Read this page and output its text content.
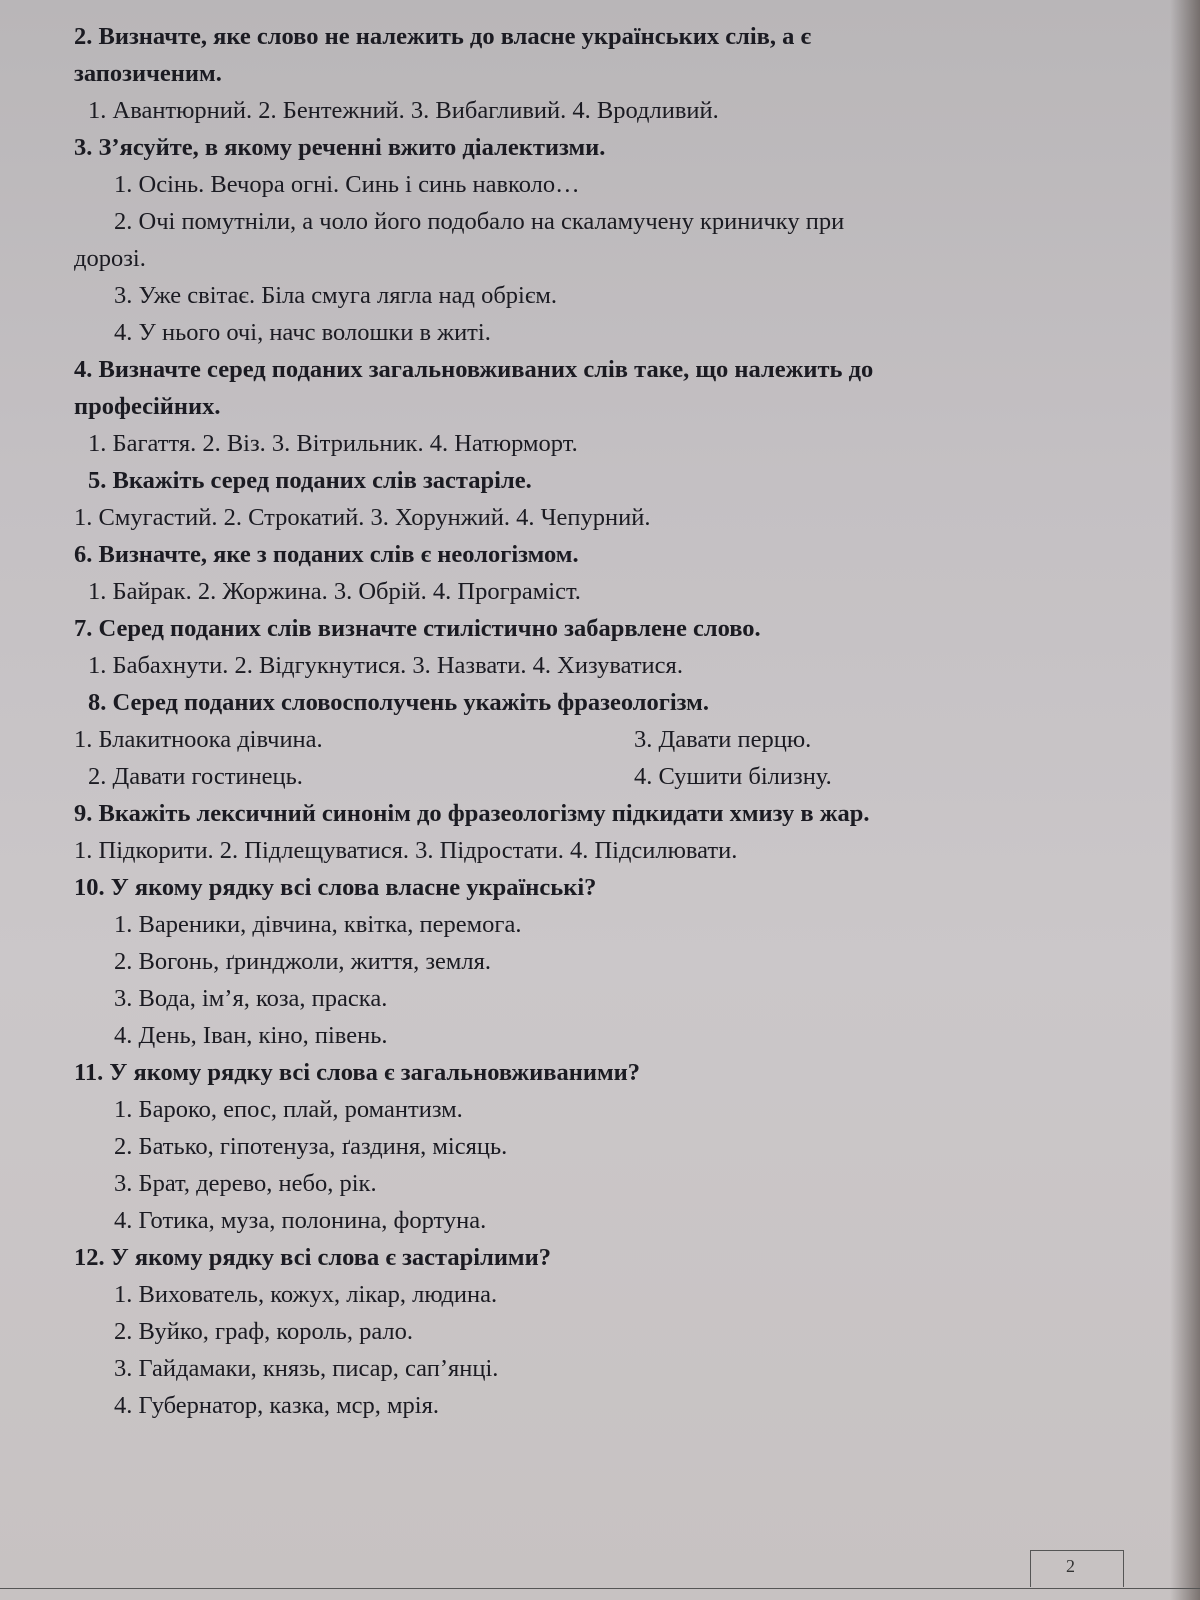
2. Визначте, яке слово не належить до власне українських слів, а є
запозиченим.
1. Авантюрний. 2. Бентежний. 3. Вибагливий. 4. Вродливий.
3. З’ясуйте, в якому реченні вжито діалектизми.
1. Осінь. Вечора огні. Синь і синь навколо…
2. Очі помутніли, а чоло його подобало на скаламучену криничку при
дорозі.
3. Уже світає. Біла смуга лягла над обрієм.
4. У нього очі, начс волошки в житі.
4. Визначте серед поданих загальновживаних слів таке, що належить до
професійних.
1. Багаття. 2. Віз. 3. Вітрильник. 4. Натюрморт.
5. Вкажіть серед поданих слів застаріле.
1. Смугастий. 2. Строкатий. 3. Хорунжий. 4. Чепурний.
6. Визначте, яке з поданих слів є неологізмом.
1. Байрак. 2. Жоржина. 3. Обрій. 4. Програміст.
7. Серед поданих слів визначте стилістично забарвлене слово.
1. Бабахнути. 2. Відгукнутися. 3. Назвати. 4. Хизуватися.
8. Серед поданих словосполучень укажіть фразеологізм.
1. Блакитноока дівчина.	3. Давати перцю.
2. Давати гостинець.	4. Сушити білизну.
9. Вкажіть лексичний синонім до фразеологізму підкидати хмизу в жар.
1. Підкорити. 2. Підлещуватися. 3. Підростати. 4. Підсилювати.
10. У якому рядку всі слова власне українські?
1. Вареники, дівчина, квітка, перемога.
2. Вогонь, ґринджоли, життя, земля.
3. Вода, ім’я, коза, праска.
4. День, Іван, кіно, півень.
11. У якому рядку всі слова є загальновживаними?
1. Бароко, епос, плай, романтизм.
2. Батько, гіпотенуза, ґаздиня, місяць.
3. Брат, дерево, небо, рік.
4. Готика, муза, полонина, фортуна.
12. У якому рядку всі слова є застарілими?
1. Вихователь, кожух, лікар, людина.
2. Вуйко, граф, король, рало.
3. Гайдамаки, князь, писар, сап’янці.
4. Губернатор, казка, мср, мрія.
2
